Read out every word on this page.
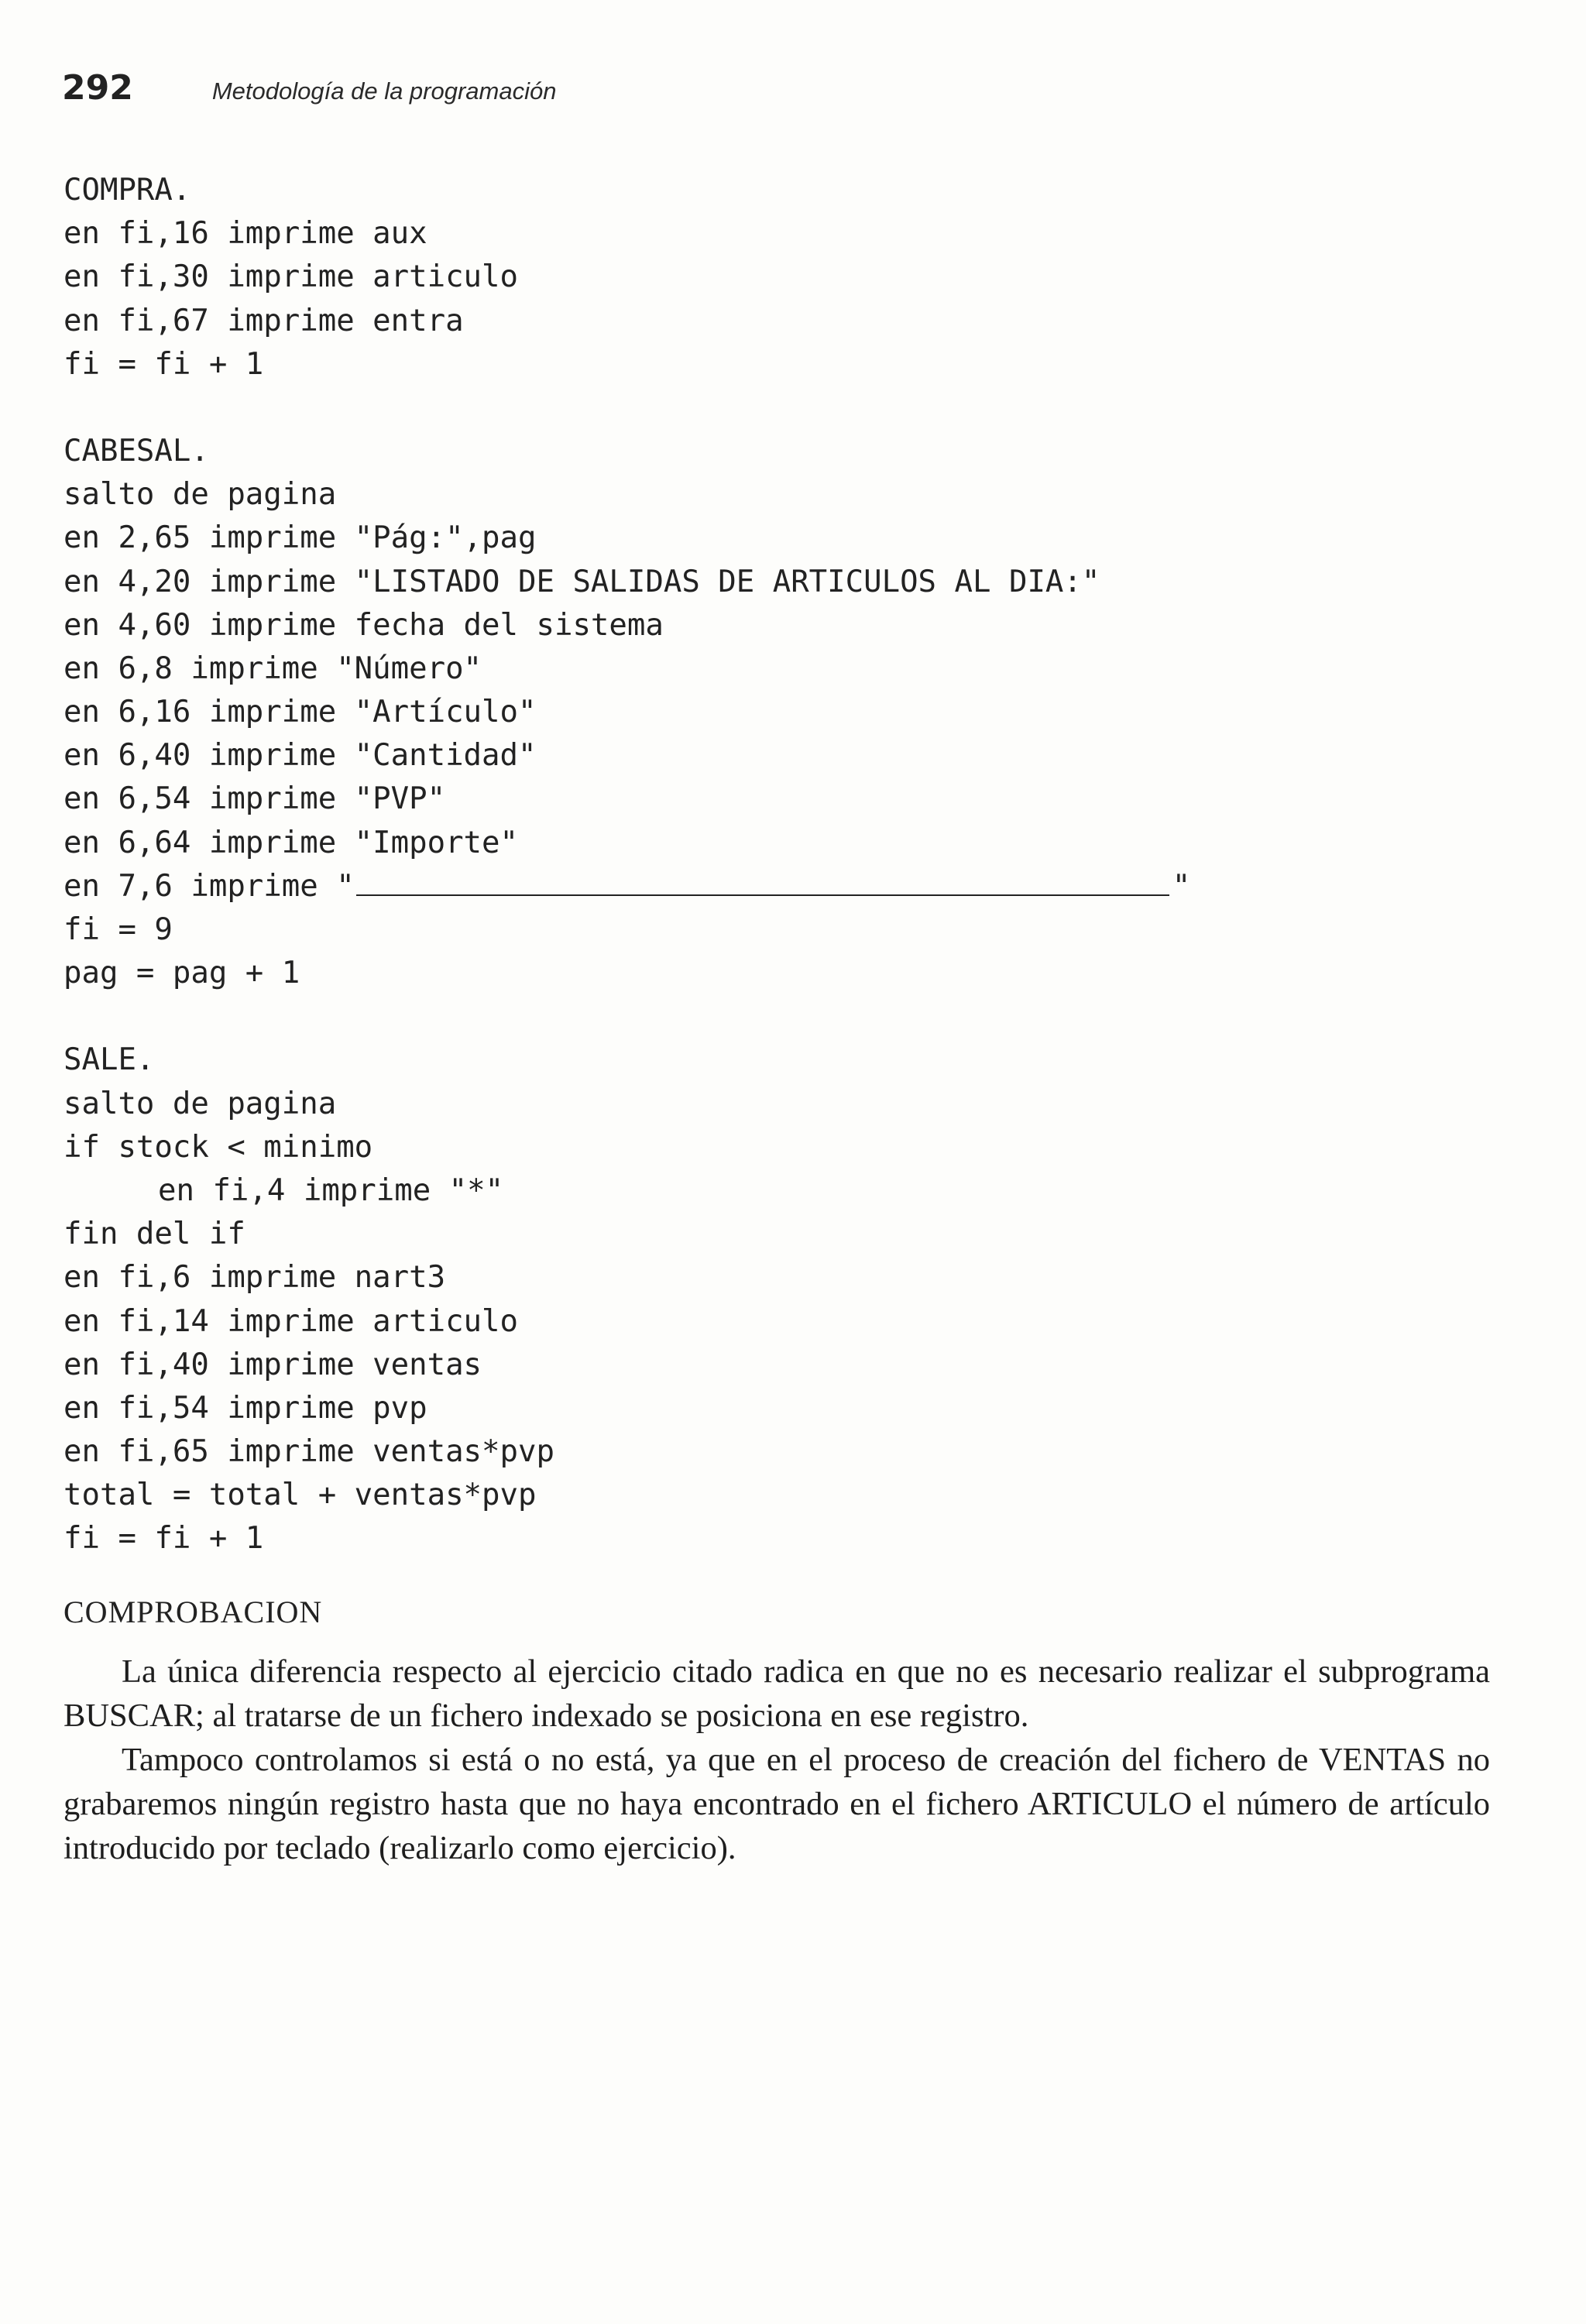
292	Metodología de la programación
COMPRA.
en fi,16 imprime aux
en fi,30 imprime articulo
en fi,67 imprime entra
fi = fi + 1
CABESAL.
salto de pagina
en 2,65 imprime "Pág:",pag
en 4,20 imprime "LISTADO DE SALIDAS DE ARTICULOS AL DIA:"
en 4,60 imprime fecha del sistema
en 6,8 imprime "Número"
en 6,16 imprime "Artículo"
en 6,40 imprime "Cantidad"
en 6,54 imprime "PVP"
en 6,64 imprime "Importe"
en 7,6 imprime "	"
fi = 9
pag = pag + 1
SALE.
salto de pagina
if stock < minimo
en fi,4 imprime "*"
fin del if
en fi,6 imprime nart3
en fi,14 imprime articulo
en fi,40 imprime ventas
en fi,54 imprime pvp
en fi,65 imprime ventas*pvp
total = total + ventas*pvp
fi = fi + 1
COMPROBACION

La única diferencia respecto al ejercicio citado radica en que no es necesario realizar el subprograma BUSCAR; al tratarse de un fichero indexado se posiciona en ese registro.

Tampoco controlamos si está o no está, ya que en el proceso de creación del fichero de VENTAS no grabaremos ningún registro hasta que no haya encontrado en el fichero ARTICULO el número de artículo introducido por teclado (realizarlo como ejercicio).
